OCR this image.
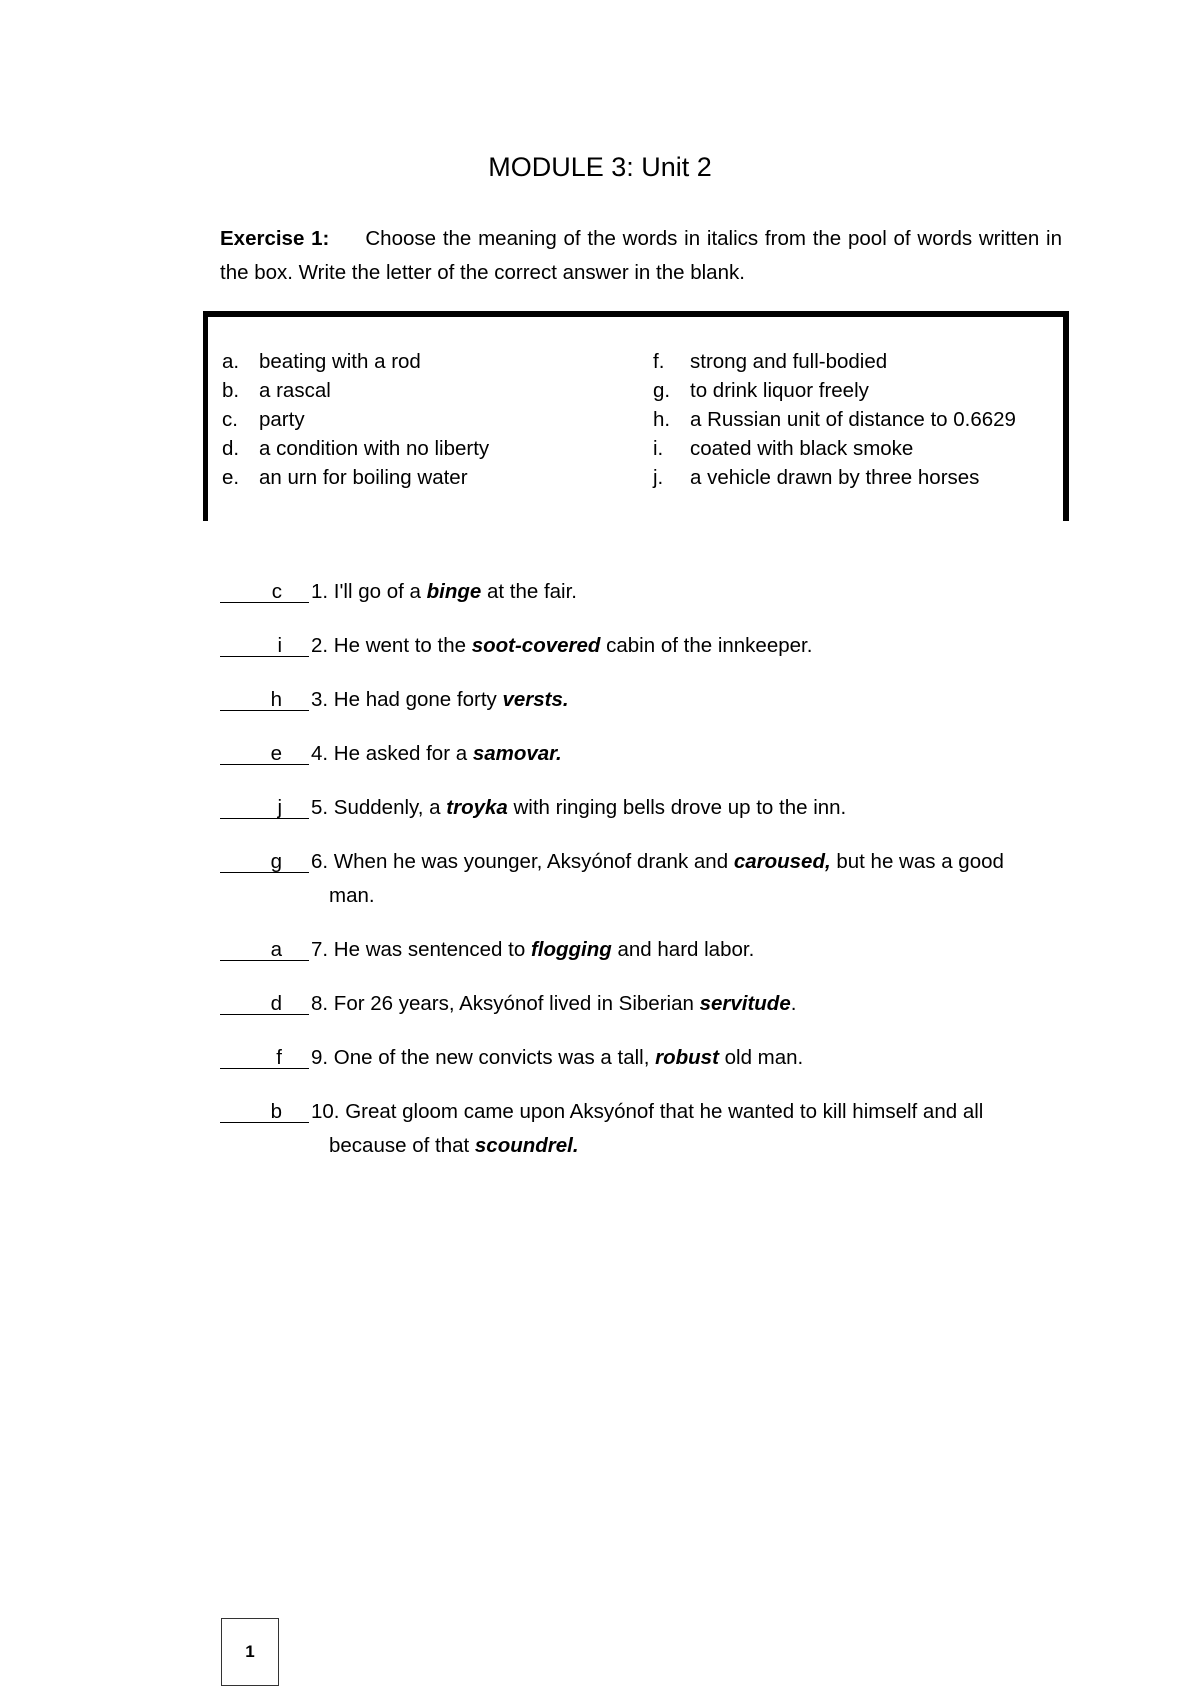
MODULE 3: Unit 2
Exercise 1: Choose the meaning of the words in italics from the pool of words written in the box. Write the letter of the correct answer in the blank.
a. beating with a rod
b. a rascal
c.	party
d. a condition with no liberty
e. an urn for boiling water
f.	strong and full-bodied
g. to drink liquor freely
h. a Russian unit of distance to 0.6629
i.	coated with black smoke
j.	a vehicle drawn by three horses
c 1. I'll go of a binge at the fair.
i 2. He went to the soot-covered cabin of the innkeeper.
h 3. He had gone forty versts.
e 4. He asked for a samovar.
j 5. Suddenly, a troyka with ringing bells drove up to the inn.
g 6. When he was younger, Aksyónof drank and caroused, but he was a good
man.
a 7. He was sentenced to flogging and hard labor.
d 8. For 26 years, Aksyónof lived in Siberian servitude.
f 9. One of the new convicts was a tall, robust old man.
b 10. Great gloom came upon Aksyónof that he wanted to kill himself and all
because of that scoundrel.
1
